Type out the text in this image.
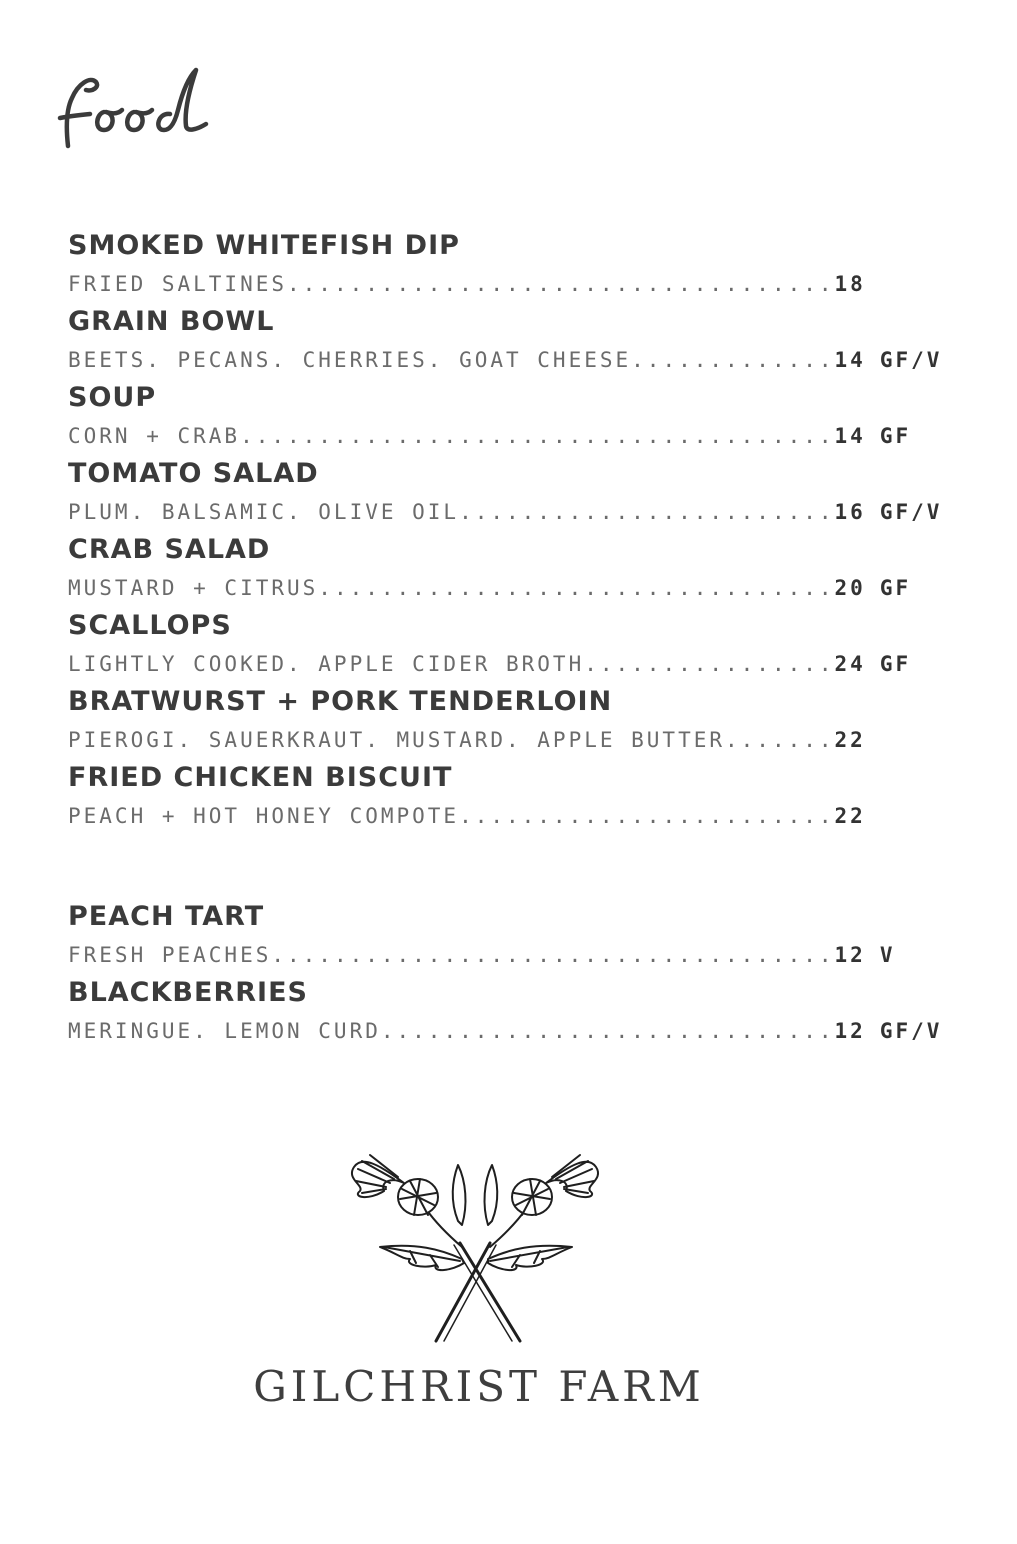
SMOKED WHITEFISH DIP
FRIED SALTINES ................................... 18
GRAIN BOWL
BEETS. PECANS. CHERRIES. GOAT CHEESE ............. 14 GF/V
SOUP
CORN + CRAB ...................................... 14 GF
TOMATO SALAD
PLUM. BALSAMIC. OLIVE OIL ........................ 16 GF/V
CRAB SALAD
MUSTARD + CITRUS ................................. 20 GF
SCALLOPS
LIGHTLY COOKED. APPLE CIDER BROTH ................ 24 GF
BRATWURST + PORK TENDERLOIN
PIEROGI. SAUERKRAUT. MUSTARD. APPLE BUTTER ....... 22
FRIED CHICKEN BISCUIT
PEACH + HOT HONEY COMPOTE ........................ 22
PEACH TART
FRESH PEACHES .................................... 12 V
BLACKBERRIES
MERINGUE. LEMON CURD ............................. 12 GF/V
GILCHRIST FARM
